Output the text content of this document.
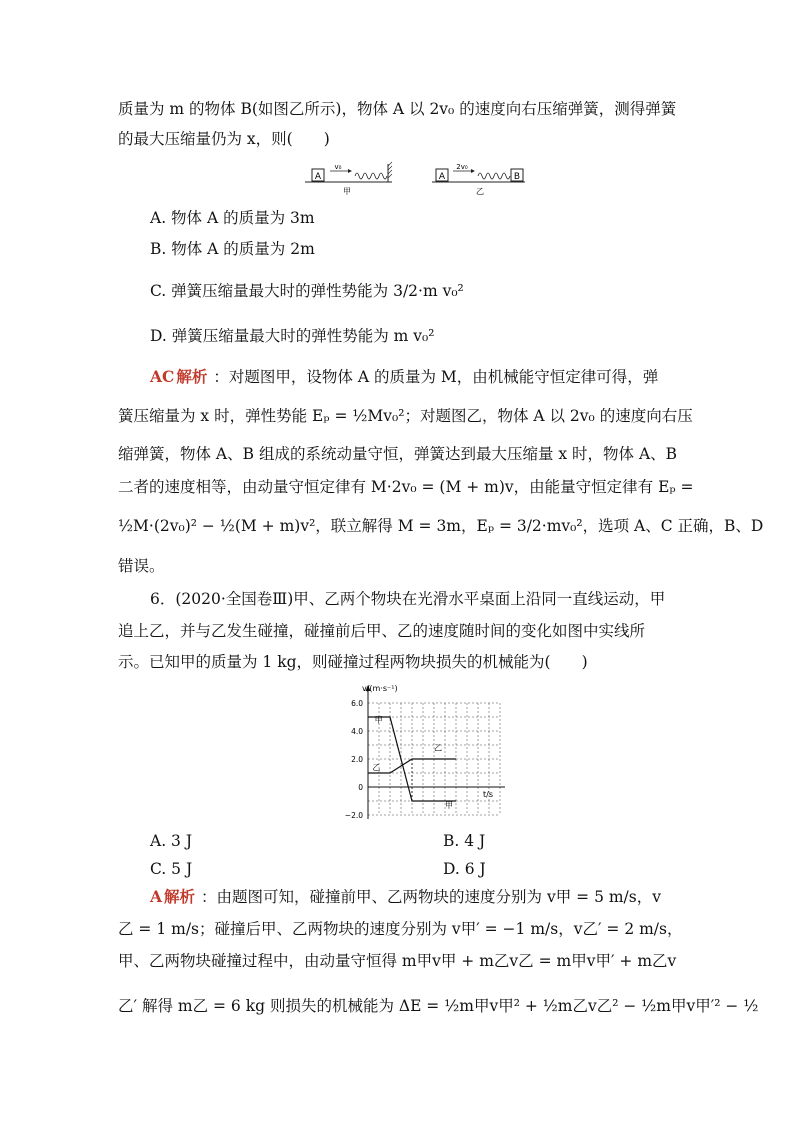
质量为 m 的物体 B(如图乙所示)，物体 A 以 2v₀ 的速度向右压缩弹簧，测得弹簧
的最大压缩量仍为 x，则(　　)
A
v₀
甲
A
2v₀
B
乙
A. 物体 A 的质量为 3m
B. 物体 A 的质量为 2m
C. 弹簧压缩量最大时的弹性势能为 3/2·m v₀²
D. 弹簧压缩量最大时的弹性势能为 m v₀²
AC 解析 ：对题图甲，设物体 A 的质量为 M，由机械能守恒定律可得，弹
簧压缩量为 x 时，弹性势能 Eₚ = ½Mv₀²；对题图乙，物体 A 以 2v₀ 的速度向右压
缩弹簧，物体 A、B 组成的系统动量守恒，弹簧达到最大压缩量 x 时，物体 A、B
二者的速度相等，由动量守恒定律有 M·2v₀ = (M + m)v，由能量守恒定律有 Eₚ =
½M·(2v₀)² − ½(M + m)v²，联立解得 M = 3m，Eₚ = 3/2·mv₀²，选项 A、C 正确，B、D
错误。
6．(2020·全国卷Ⅲ)甲、乙两个物块在光滑水平桌面上沿同一直线运动，甲
追上乙，并与乙发生碰撞，碰撞前后甲、乙的速度随时间的变化如图中实线所
示。已知甲的质量为 1 kg，则碰撞过程两物块损失的机械能为(　　)
6.0
4.0
2.0
0
−2.0
甲
甲
乙
乙
v/(m·s⁻¹)
t/s
A. 3 J	B. 4 J
C. 5 J	D. 6 J
A 解析 ：由题图可知，碰撞前甲、乙两物块的速度分别为 v甲 = 5 m/s，v
乙 = 1 m/s；碰撞后甲、乙两物块的速度分别为 v甲′ = −1 m/s，v乙′ = 2 m/s，
甲、乙两物块碰撞过程中，由动量守恒得 m甲v甲 + m乙v乙 = m甲v甲′ + m乙v
乙′ 解得 m乙 = 6 kg 则损失的机械能为 ΔE = ½m甲v甲² + ½m乙v乙² − ½m甲v甲′² − ½
